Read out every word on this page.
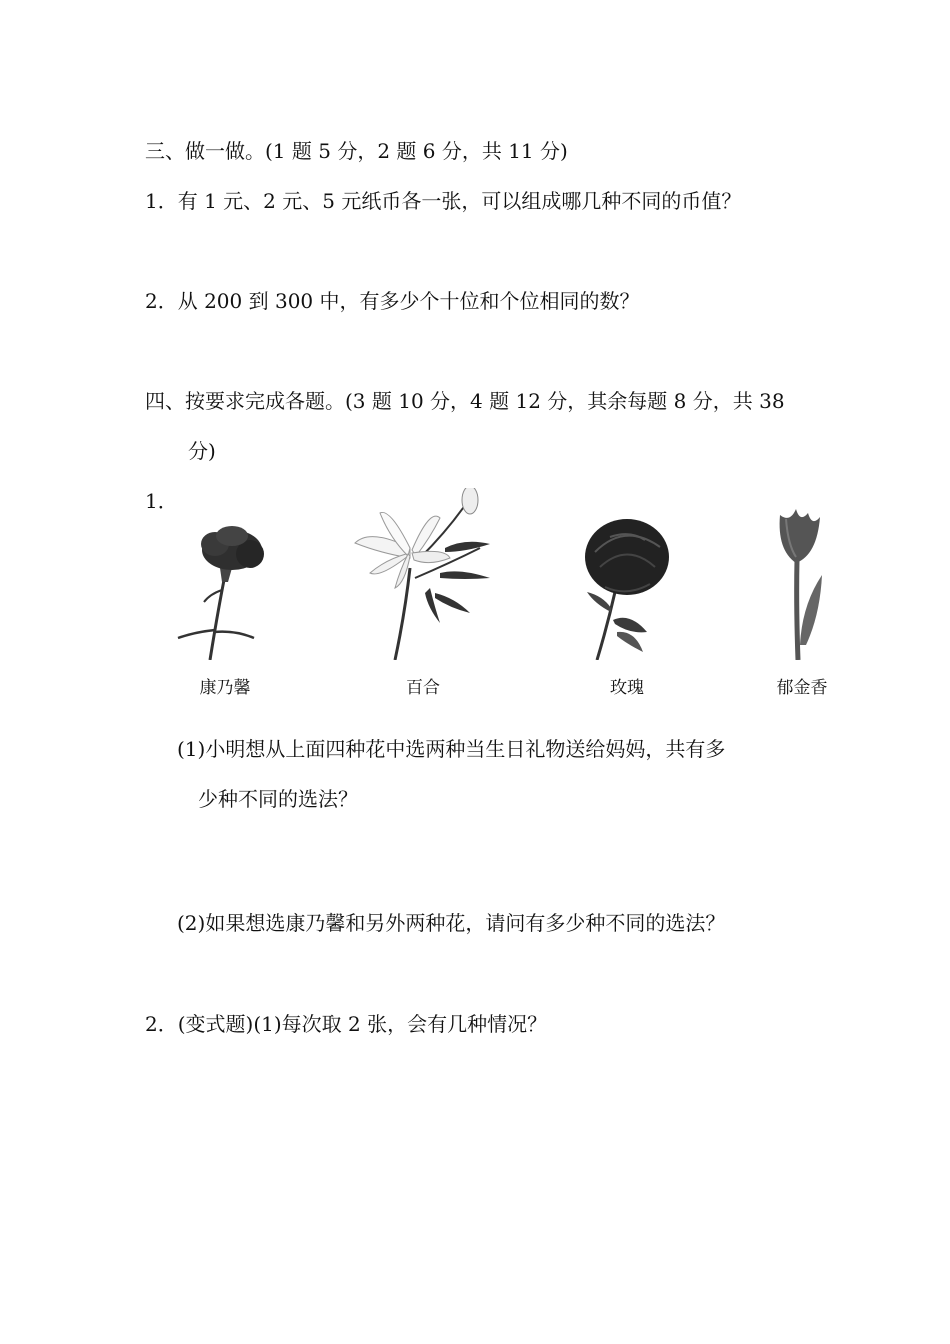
三、做一做。(1 题 5 分，2 题 6 分，共 11 分)
1．有 1 元、2 元、5 元纸币各一张，可以组成哪几种不同的币值？
2．从 200 到 300 中，有多少个十位和个位相同的数？
四、按要求完成各题。(3 题 10 分，4 题 12 分，其余每题 8 分，共 38
分)
1．
康乃馨	百合	玫瑰	郁金香
(1)小明想从上面四种花中选两种当生日礼物送给妈妈，共有多
少种不同的选法？
(2)如果想选康乃馨和另外两种花，请问有多少种不同的选法？
2．(变式题)(1)每次取 2 张，会有几种情况？
